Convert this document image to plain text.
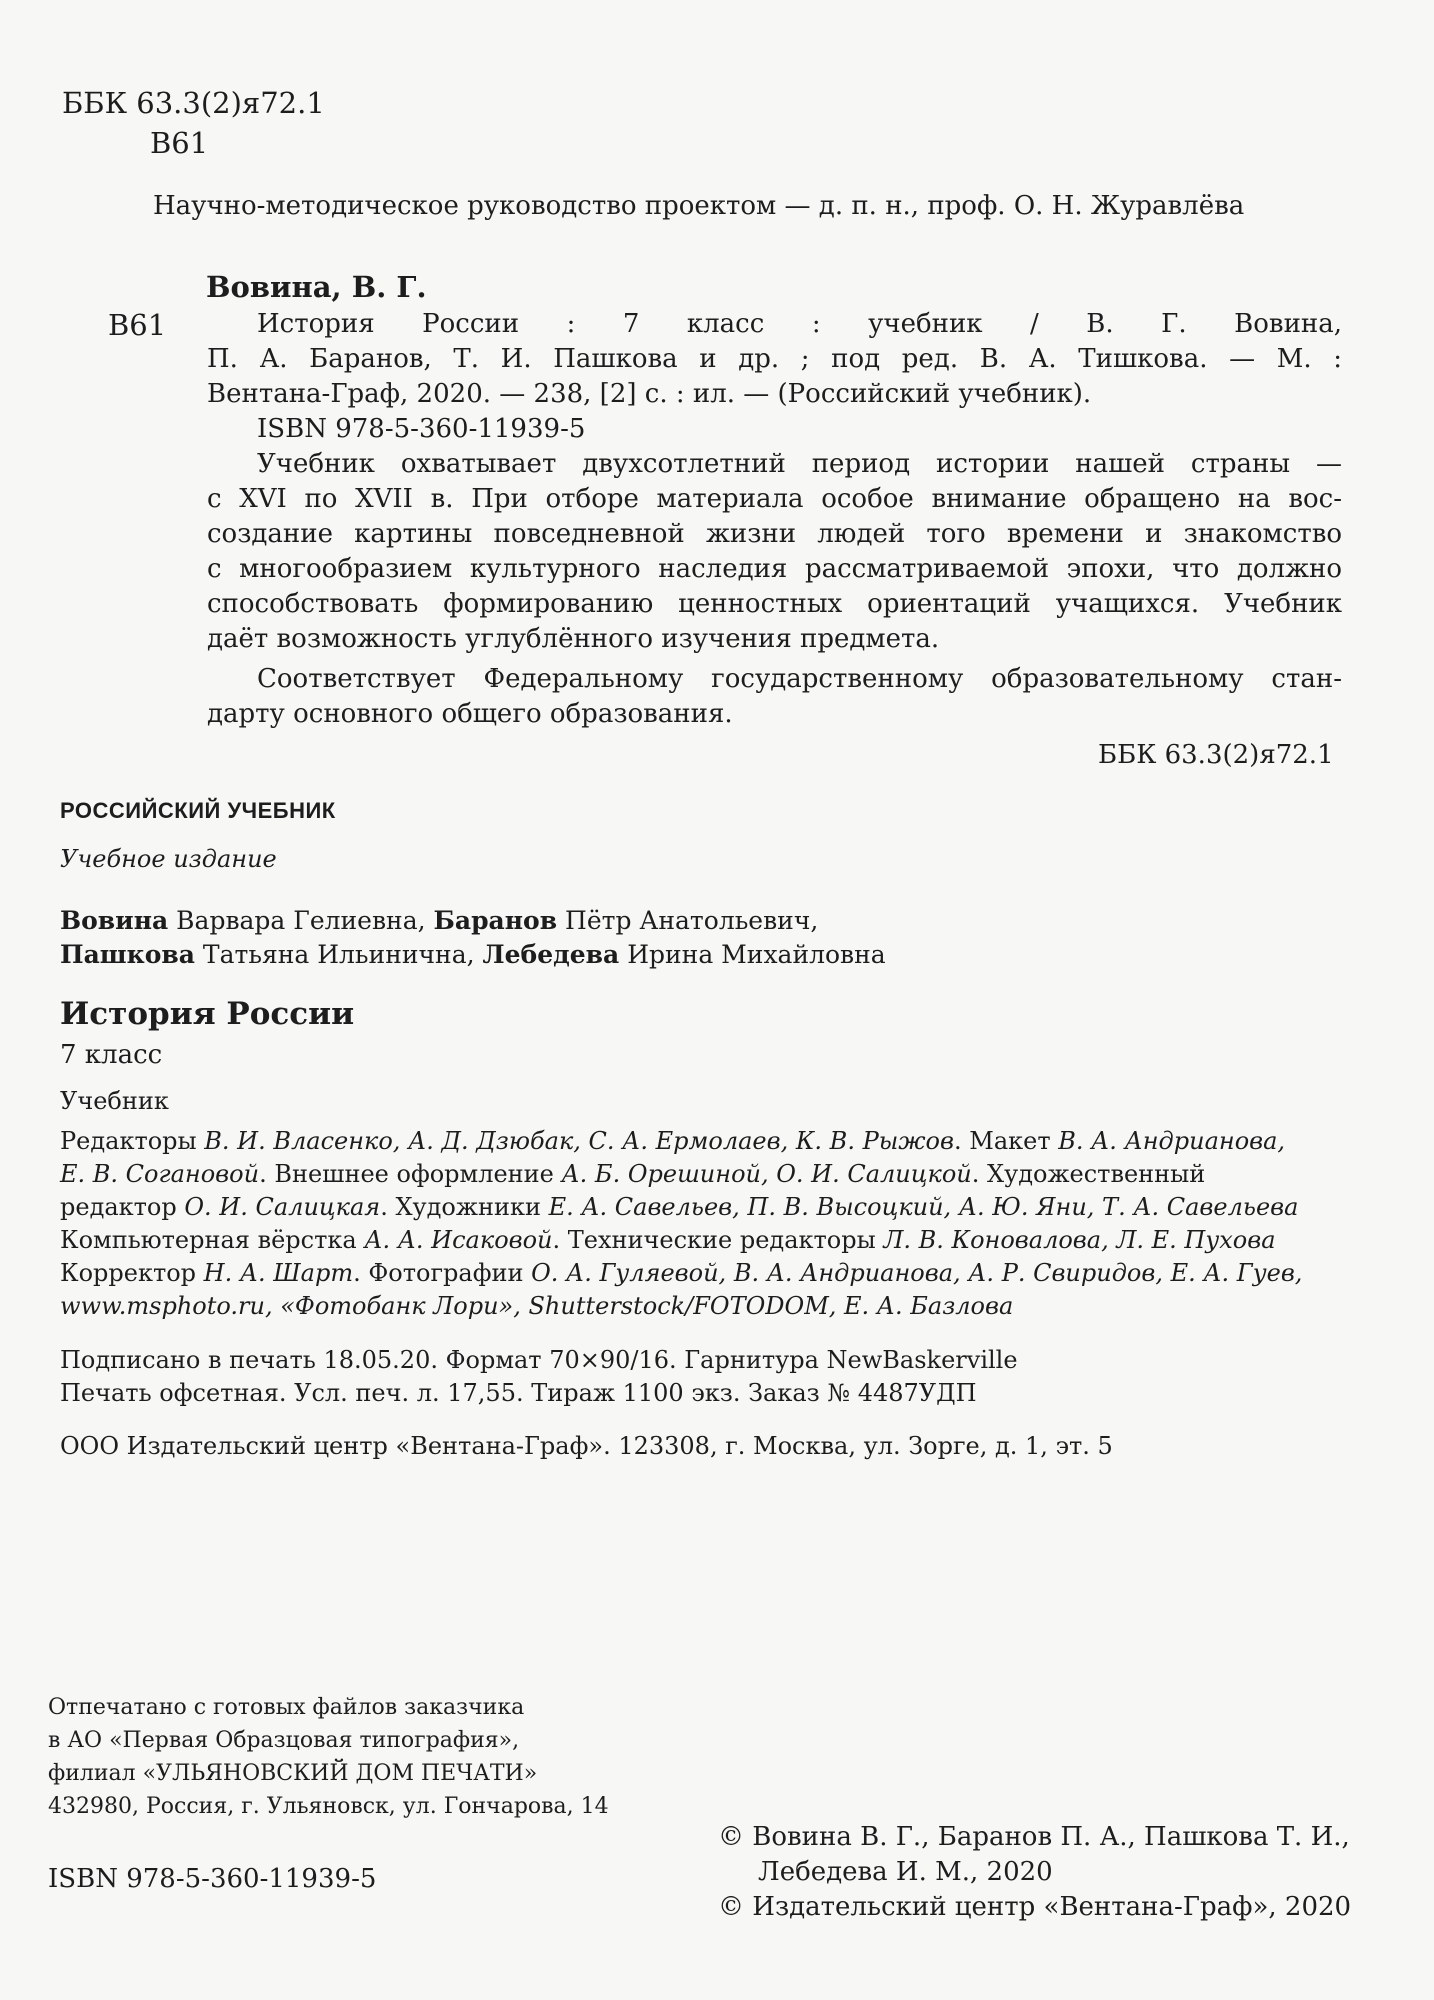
ББК 63.3(2)я72.1
В61
Научно-методическое руководство проектом — д. п. н., проф. О. Н. Журавлёва
Вовина, В. Г.
В61	История России : 7 класс : учебник / В. Г. Вовина,
П. А. Баранов, Т. И. Пашкова и др. ; под ред. В. А. Тишкова. — М. :
Вентана-Граф, 2020. — 238, [2] с. : ил. — (Российский учебник).
ISBN 978-5-360-11939-5
Учебник охватывает двухсотлетний период истории нашей страны —
с XVI по XVII в. При отборе материала особое внимание обращено на вос-
создание картины повседневной жизни людей того времени и знакомство
с многообразием культурного наследия рассматриваемой эпохи, что должно
способствовать формированию ценностных ориентаций учащихся. Учебник
даёт возможность углублённого изучения предмета.
Соответствует Федеральному государственному образовательному стан-
дарту основного общего образования.
ББК 63.3(2)я72.1
РОССИЙСКИЙ УЧЕБНИК
Учебное издание
Вовина Варвара Гелиевна, Баранов Пётр Анатольевич,
Пашкова Татьяна Ильинична, Лебедева Ирина Михайловна
История России
7 класс
Учебник
Редакторы В. И. Власенко, А. Д. Дзюбак, С. А. Ермолаев, К. В. Рыжов. Макет В. А. Андрианова,
Е. В. Согановой. Внешнее оформление А. Б. Орешиной, О. И. Салицкой. Художественный
редактор О. И. Салицкая. Художники Е. А. Савельев, П. В. Высоцкий, А. Ю. Яни, Т. А. Савельева
Компьютерная вёрстка А. А. Исаковой. Технические редакторы Л. В. Коновалова, Л. Е. Пухова
Корректор Н. А. Шарт. Фотографии О. А. Гуляевой, В. А. Андрианова, А. Р. Свиридов, Е. А. Гуев,
www.msphoto.ru, «Фотобанк Лори», Shutterstock/FOTODOM, Е. А. Базлова
Подписано в печать 18.05.20. Формат 70×90/16. Гарнитура NewBaskerville
Печать офсетная. Усл. печ. л. 17,55. Тираж 1100 экз. Заказ № 4487УДП
ООО Издательский центр «Вентана-Граф». 123308, г. Москва, ул. Зорге, д. 1, эт. 5
Отпечатано с готовых файлов заказчика
в АО «Первая Образцовая типография»,
филиал «УЛЬЯНОВСКИЙ ДОМ ПЕЧАТИ»
432980, Россия, г. Ульяновск, ул. Гончарова, 14
ISBN 978-5-360-11939-5
© Вовина В. Г., Баранов П. А., Пашкова Т. И.,
Лебедева И. М., 2020
© Издательский центр «Вентана-Граф», 2020
